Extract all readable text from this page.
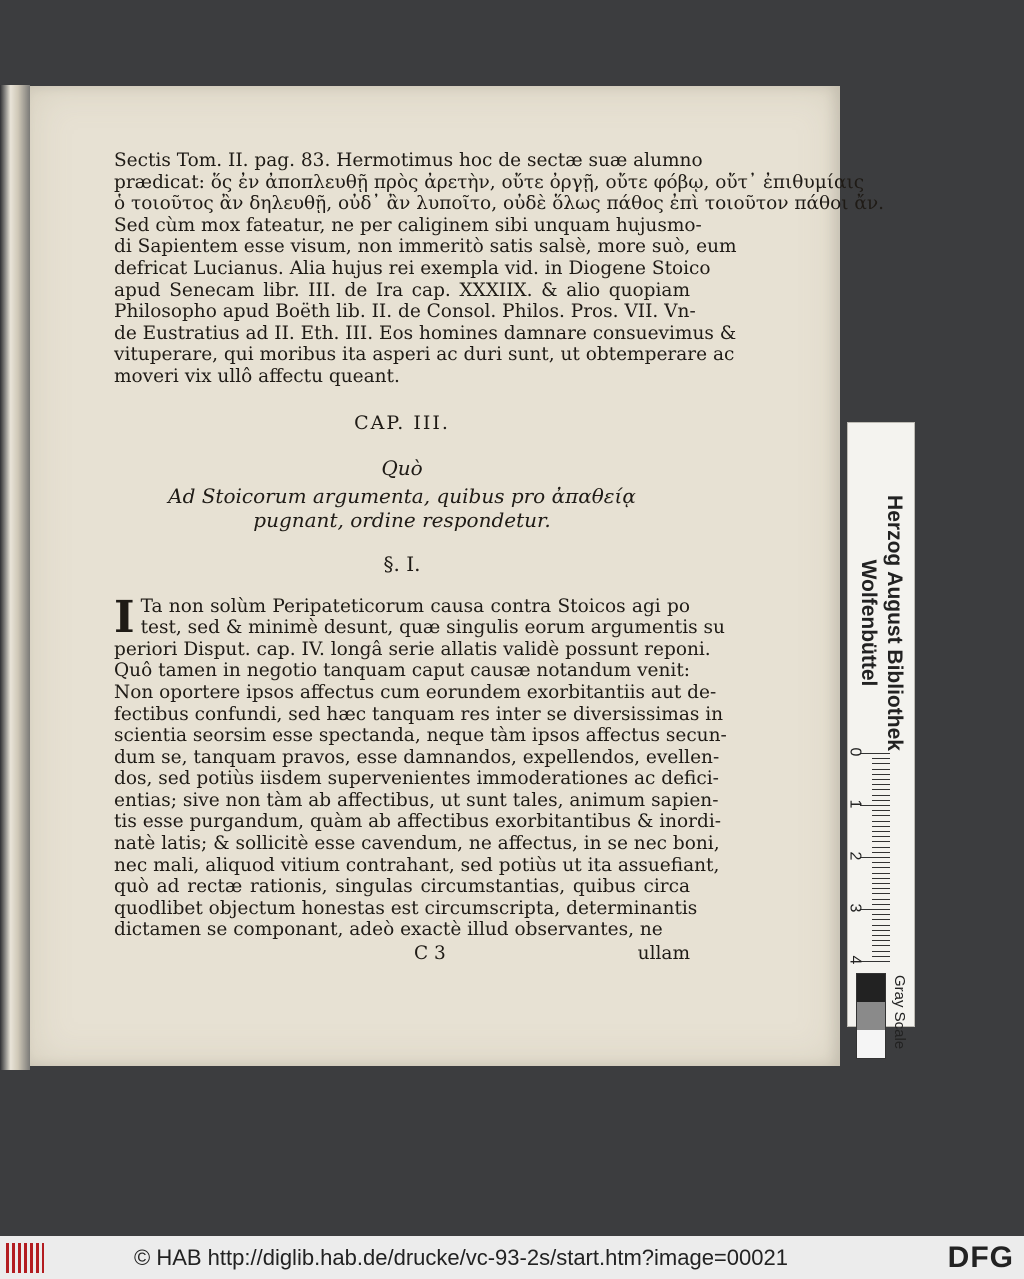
Sectis Tom. II. pag. 83. Hermotimus hoc de sectæ suæ alumno
prædicat: ὅς ἐν ἀποπλευθῇ πρὸς ἀρετὴν, οὔτε ὀργῇ, οὔτε φόβῳ, οὔτ᾽ ἐπιθυμίαις
ὁ τοιοῦτος ἂν δηλευθῇ, οὐδ᾽ ἂν λυποῖτο, οὐδὲ ὅλως πάθος ἐπὶ τοιοῦτον πάθοι ἄν.
Sed cùm mox fateatur, ne per caliginem sibi unquam hujusmo-
di Sapientem esse visum, non immeritò satis salsè, more suò, eum
defricat Lucianus. Alia hujus rei exempla vid. in Diogene Stoico
apud Senecam libr. III. de Ira cap. XXXIIX. & alio quopiam
Philosopho apud Boëth lib. II. de Consol. Philos. Pros. VII. Vn-
de Eustratius ad II. Eth. III. Eos homines damnare consuevimus &
vituperare, qui moribus ita asperi ac duri sunt, ut obtemperare ac
moveri vix ullô affectu queant.
CAP. III.
Quò
Ad Stoicorum argumenta, quibus pro ἀπαθείᾳ
pugnant, ordine respondetur.
§. I.
I Ta non solùm Peripateticorum causa contra Stoicos agi po
test, sed & minimè desunt, quæ singulis eorum argumentis su
periori Disput. cap. IV. longâ serie allatis validè possunt reponi.
Quô tamen in negotio tanquam caput causæ notandum venit:
Non oportere ipsos affectus cum eorundem exorbitantiis aut de-
fectibus confundi, sed hæc tanquam res inter se diversissimas in
scientia seorsim esse spectanda, neque tàm ipsos affectus secun-
dum se, tanquam pravos, esse damnandos, expellendos, evellen-
dos, sed potiùs iisdem supervenientes immoderationes ac defici-
entias; sive non tàm ab affectibus, ut sunt tales, animum sapien-
tis esse purgandum, quàm ab affectibus exorbitantibus & inordi-
natè latis; & sollicitè esse cavendum, ne affectus, in se nec boni,
nec mali, aliquod vitium contrahant, sed potiùs ut ita assuefiant,
quò ad rectæ rationis, singulas circumstantias, quibus circa
quodlibet objectum honestas est circumscripta, determinantis
dictamen se componant, adeò exactè illud observantes, ne
C 3	ullam
Herzog August Bibliothek
Wolfenbüttel
0
1
2
3
4
Gray Scale
© HAB http://diglib.hab.de/drucke/vc-93-2s/start.htm?image=00021	DFG
